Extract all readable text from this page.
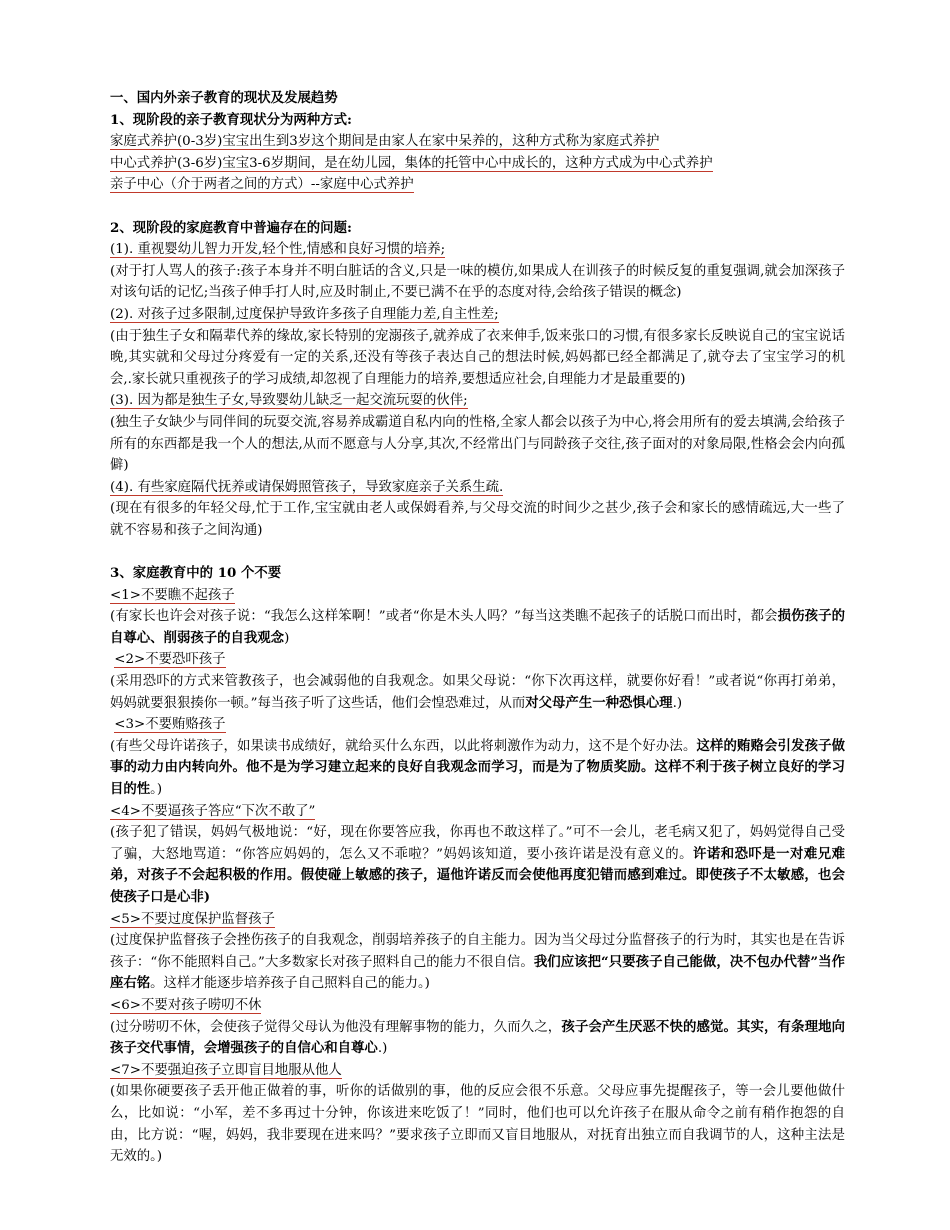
一、国内外亲子教育的现状及发展趋势
1、现阶段的亲子教育现状分为两种方式:
家庭式养护(0-3岁)宝宝出生到3岁这个期间是由家人在家中呆养的，这种方式称为家庭式养护
中心式养护(3-6岁)宝宝3-6岁期间，是在幼儿园，集体的托管中心中成长的，这种方式成为中心式养护
亲子中心（介于两者之间的方式）--家庭中心式养护
2、现阶段的家庭教育中普遍存在的问题:
(1). 重视婴幼儿智力开发,轻个性,情感和良好习惯的培养;
(对于打人骂人的孩子:孩子本身并不明白脏话的含义,只是一味的模仿,如果成人在训孩子的时候反复的重复强调,就会加深孩子对该句话的记忆;当孩子伸手打人时,应及时制止,不要已满不在乎的态度对待,会给孩子错误的概念)
(2). 对孩子过多限制,过度保护导致许多孩子自理能力差,自主性差;
(由于独生子女和隔辈代养的缘故,家长特别的宠溺孩子,就养成了衣来伸手,饭来张口的习惯,有很多家长反映说自己的宝宝说话晚,其实就和父母过分疼爱有一定的关系,还没有等孩子表达自己的想法时候,妈妈都已经全都满足了,就夺去了宝宝学习的机会,.家长就只重视孩子的学习成绩,却忽视了自理能力的培养,要想适应社会,自理能力才是最重要的)
(3). 因为都是独生子女,导致婴幼儿缺乏一起交流玩耍的伙伴;
(独生子女缺少与同伴间的玩耍交流,容易养成霸道自私内向的性格,全家人都会以孩子为中心,将会用所有的爱去填满,会给孩子所有的东西都是我一个人的想法,从而不愿意与人分享,其次,不经常出门与同龄孩子交往,孩子面对的对象局限,性格会会内向孤僻)
(4). 有些家庭隔代抚养或请保姆照管孩子，导致家庭亲子关系生疏.
(现在有很多的年轻父母,忙于工作,宝宝就由老人或保姆看养,与父母交流的时间少之甚少,孩子会和家长的感情疏远,大一些了就不容易和孩子之间沟通)
3、家庭教育中的 10 个不要
<1>不要瞧不起孩子
(有家长也许会对孩子说：“我怎么这样笨啊！”或者“你是木头人吗？”每当这类瞧不起孩子的话脱口而出时，都会损伤孩子的自尊心、削弱孩子的自我观念)
<2>不要恐吓孩子
(采用恐吓的方式来管教孩子，也会减弱他的自我观念。如果父母说：“你下次再这样，就要你好看！”或者说“你再打弟弟，妈妈就要狠狠揍你一顿。”每当孩子听了这些话，他们会惶恐难过，从而对父母产生一种恐惧心理.)
<3>不要贿赂孩子
(有些父母许诺孩子，如果读书成绩好，就给买什么东西，以此将刺激作为动力，这不是个好办法。这样的贿赂会引发孩子做事的动力由内转向外。他不是为学习建立起来的良好自我观念而学习，而是为了物质奖励。这样不利于孩子树立良好的学习目的性。)
<4>不要逼孩子答应“下次不敢了”
(孩子犯了错误，妈妈气极地说：“好，现在你要答应我，你再也不敢这样了。”可不一会儿，老毛病又犯了，妈妈觉得自己受了骗，大怒地骂道：“你答应妈妈的，怎么又不乖啦？”妈妈该知道，要小孩许诺是没有意义的。许诺和恐吓是一对难兄难弟，对孩子不会起积极的作用。假使碰上敏感的孩子，逼他许诺反而会使他再度犯错而感到难过。即使孩子不太敏感，也会使孩子口是心非)
<5>不要过度保护监督孩子
(过度保护监督孩子会挫伤孩子的自我观念，削弱培养孩子的自主能力。因为当父母过分监督孩子的行为时，其实也是在告诉孩子：“你不能照料自己。”大多数家长对孩子照料自己的能力不很自信。我们应该把“只要孩子自己能做，决不包办代替”当作座右铭。这样才能逐步培养孩子自己照料自己的能力。)
<6>不要对孩子唠叨不休
(过分唠叨不休，会使孩子觉得父母认为他没有理解事物的能力，久而久之，孩子会产生厌恶不快的感觉。其实，有条理地向孩子交代事情，会增强孩子的自信心和自尊心.)
<7>不要强迫孩子立即盲目地服从他人
(如果你硬要孩子丢开他正做着的事，听你的话做别的事，他的反应会很不乐意。父母应事先提醒孩子，等一会儿要他做什么，比如说：“小军，差不多再过十分钟，你该进来吃饭了！”同时，他们也可以允许孩子在服从命令之前有稍作抱怨的自由，比方说：“喔，妈妈，我非要现在进来吗？”要求孩子立即而又盲目地服从，对抚育出独立而自我调节的人，这种主法是无效的。)
